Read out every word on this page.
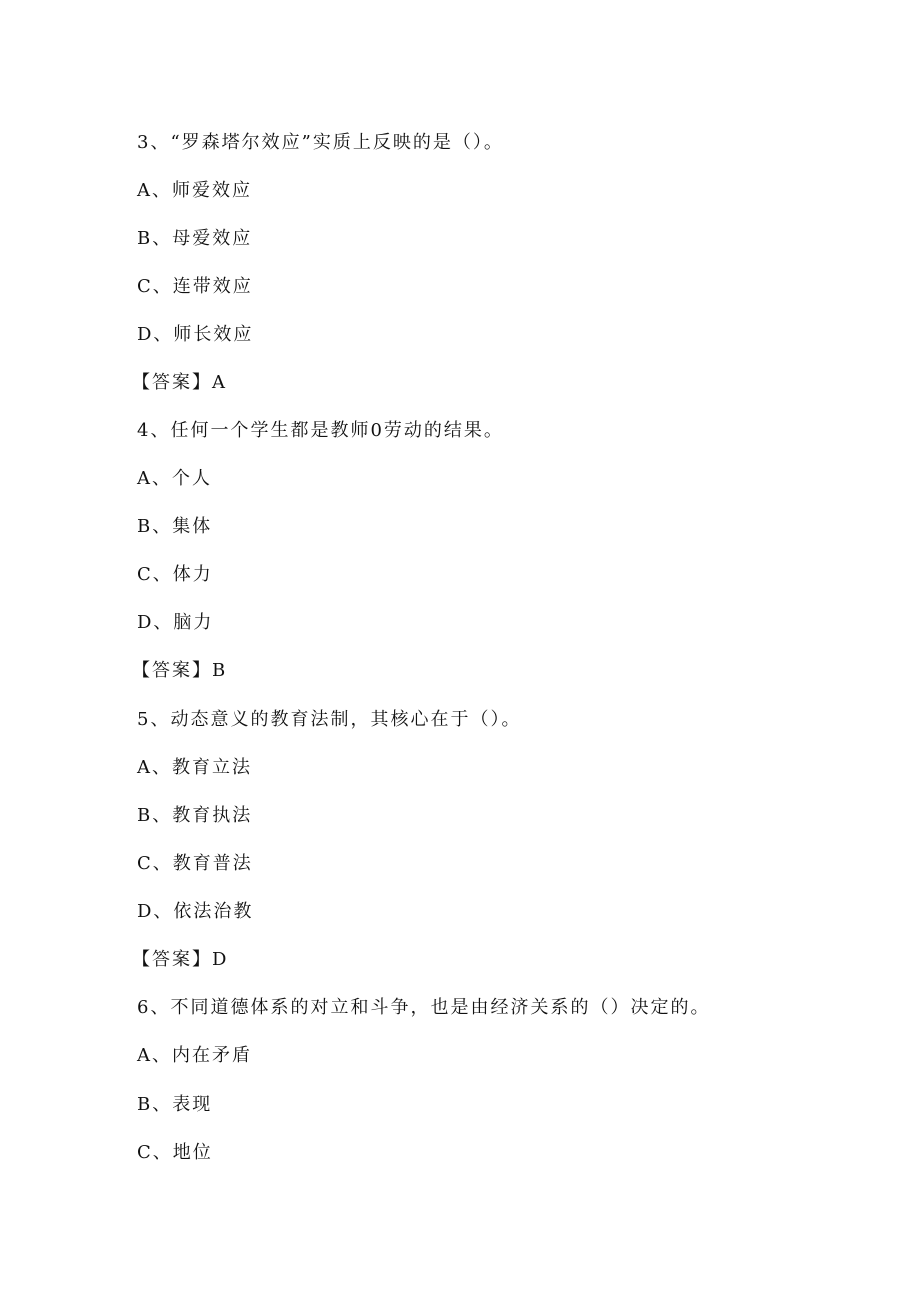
3、“罗森塔尔效应”实质上反映的是（）。
A、师爱效应
B、母爱效应
C、连带效应
D、师长效应
【答案】A
4、任何一个学生都是教师0劳动的结果。
A、个人
B、集体
C、体力
D、脑力
【答案】B
5、动态意义的教育法制，其核心在于（）。
A、教育立法
B、教育执法
C、教育普法
D、依法治教
【答案】D
6、不同道德体系的对立和斗争，也是由经济关系的（）决定的。
A、内在矛盾
B、表现
C、地位
